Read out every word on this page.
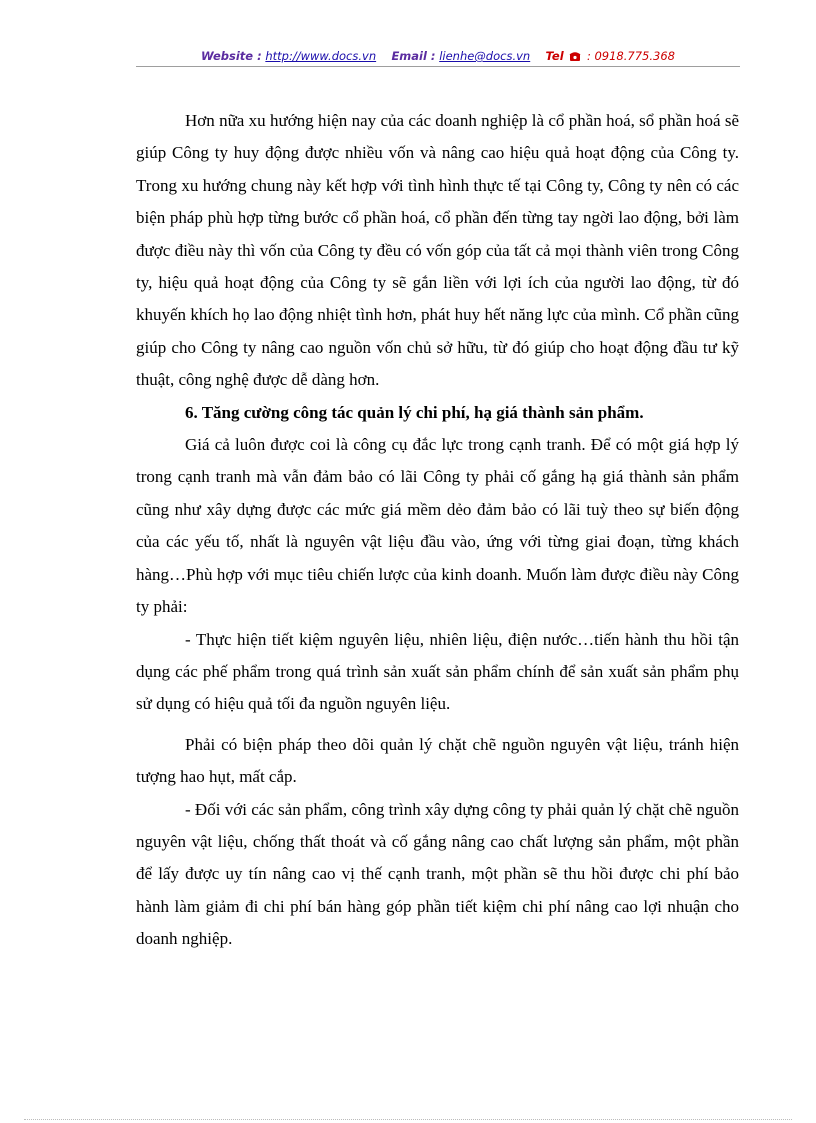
Website : http://www.docs.vn Email : lienhe@docs.vn Tel : 0918.775.368

Hơn nữa xu hướng hiện nay của các doanh nghiệp là cổ phần hoá, sổ phần hoá sẽ giúp Công ty huy động được nhiều vốn và nâng cao hiệu quả hoạt động của Công ty. Trong xu hướng chung này kết hợp với tình hình thực tế tại Công ty, Công ty nên có các biện pháp phù hợp từng bước cổ phần hoá, cổ phần đến từng tay ngời lao động, bởi làm được điều này thì vốn của Công ty đều có vốn góp của tất cả mọi thành viên trong Công ty, hiệu quả hoạt động của Công ty sẽ gắn liền với lợi ích của người lao động, từ đó khuyến khích họ lao động nhiệt tình hơn, phát huy hết năng lực của mình. Cổ phần cũng giúp cho Công ty nâng cao nguồn vốn chủ sở hữu, từ đó giúp cho hoạt động đầu tư kỹ thuật, công nghệ được dễ dàng hơn.

6. Tăng cường công tác quản lý chi phí, hạ giá thành sản phẩm.

Giá cả luôn được coi là công cụ đắc lực trong cạnh tranh. Để có một giá hợp lý trong cạnh tranh mà vẫn đảm bảo có lãi Công ty phải cố gắng hạ giá thành sản phẩm cũng như xây dựng được các mức giá mềm dẻo đảm bảo có lãi tuỳ theo sự biến động của các yếu tố, nhất là nguyên vật liệu đầu vào, ứng với từng giai đoạn, từng khách hàng…Phù hợp với mục tiêu chiến lược của kinh doanh. Muốn làm được điều này Công ty phải:

- Thực hiện tiết kiệm nguyên liệu, nhiên liệu, điện nước…tiến hành thu hồi tận dụng các phế phẩm trong quá trình sản xuất sản phẩm chính để sản xuất sản phẩm phụ sử dụng có hiệu quả tối đa nguồn nguyên liệu.

Phải có biện pháp theo dõi quản lý chặt chẽ nguồn nguyên vật liệu, tránh hiện tượng hao hụt, mất cắp.

- Đối với các sản phẩm, công trình xây dựng công ty phải quản lý chặt chẽ nguồn nguyên vật liệu, chống thất thoát và cố gắng nâng cao chất lượng sản phẩm, một phần để lấy được uy tín nâng cao vị thế cạnh tranh, một phần sẽ thu hồi được chi phí bảo hành làm giảm đi chi phí bán hàng góp phần tiết kiệm chi phí nâng cao lợi nhuận cho doanh nghiệp.
